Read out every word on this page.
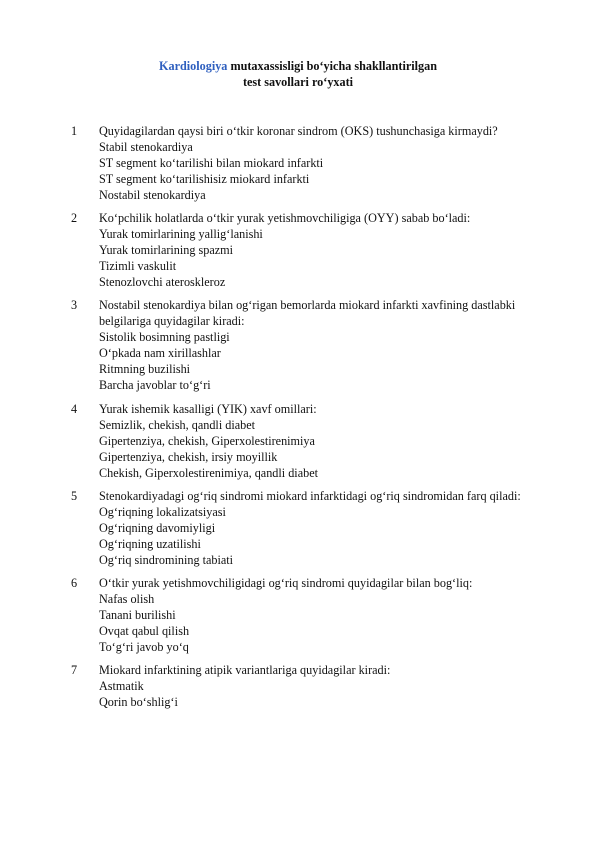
Kardiologiya mutaxassisligi bo‘yicha shakllantirilgan
test savollari ro‘yxati
1 Quyidagilardan qaysi biri o‘tkir koronar sindrom (OKS) tushunchasiga kirmaydi?
Stabil stenokardiya
ST segment ko‘tarilishi bilan miokard infarkti
ST segment ko‘tarilishisiz miokard infarkti
Nostabil stenokardiya
2 Ko‘pchilik holatlarda o‘tkir yurak yetishmovchiligiga (OYY) sabab bo‘ladi:
Yurak tomirlarining yallig‘lanishi
Yurak tomirlarining spazmi
Tizimli vaskulit
Stenozlovchi ateroskleroz
3 Nostabil stenokardiya bilan og‘rigan bemorlarda miokard infarkti xavfining dastlabki belgilariga quyidagilar kiradi:
Sistolik bosimning pastligi
O‘pkada nam xirillashlar
Ritmning buzilishi
Barcha javoblar to‘g‘ri
4 Yurak ishemik kasalligi (YIK) xavf omillari:
Semizlik, chekish, qandli diabet
Gipertenziya, chekish, Giperxolestirenimiya
Gipertenziya, chekish, irsiy moyillik
Chekish, Giperxolestirenimiya, qandli diabet
5 Stenokardiyadagi og‘riq sindromi miokard infarktidagi og‘riq sindromidan farq qiladi:
Og‘riqning lokalizatsiyasi
Og‘riqning davomiyligi
Og‘riqning uzatilishi
Og‘riq sindromining tabiati
6 O‘tkir yurak yetishmovchiligidagi og‘riq sindromi quyidagilar bilan bog‘liq:
Nafas olish
Tanani burilishi
Ovqat qabul qilish
To‘g‘ri javob yo‘q
7 Miokard infarktining atipik variantlariga quyidagilar kiradi:
Astmatik
Qorin bo‘shlig‘i
